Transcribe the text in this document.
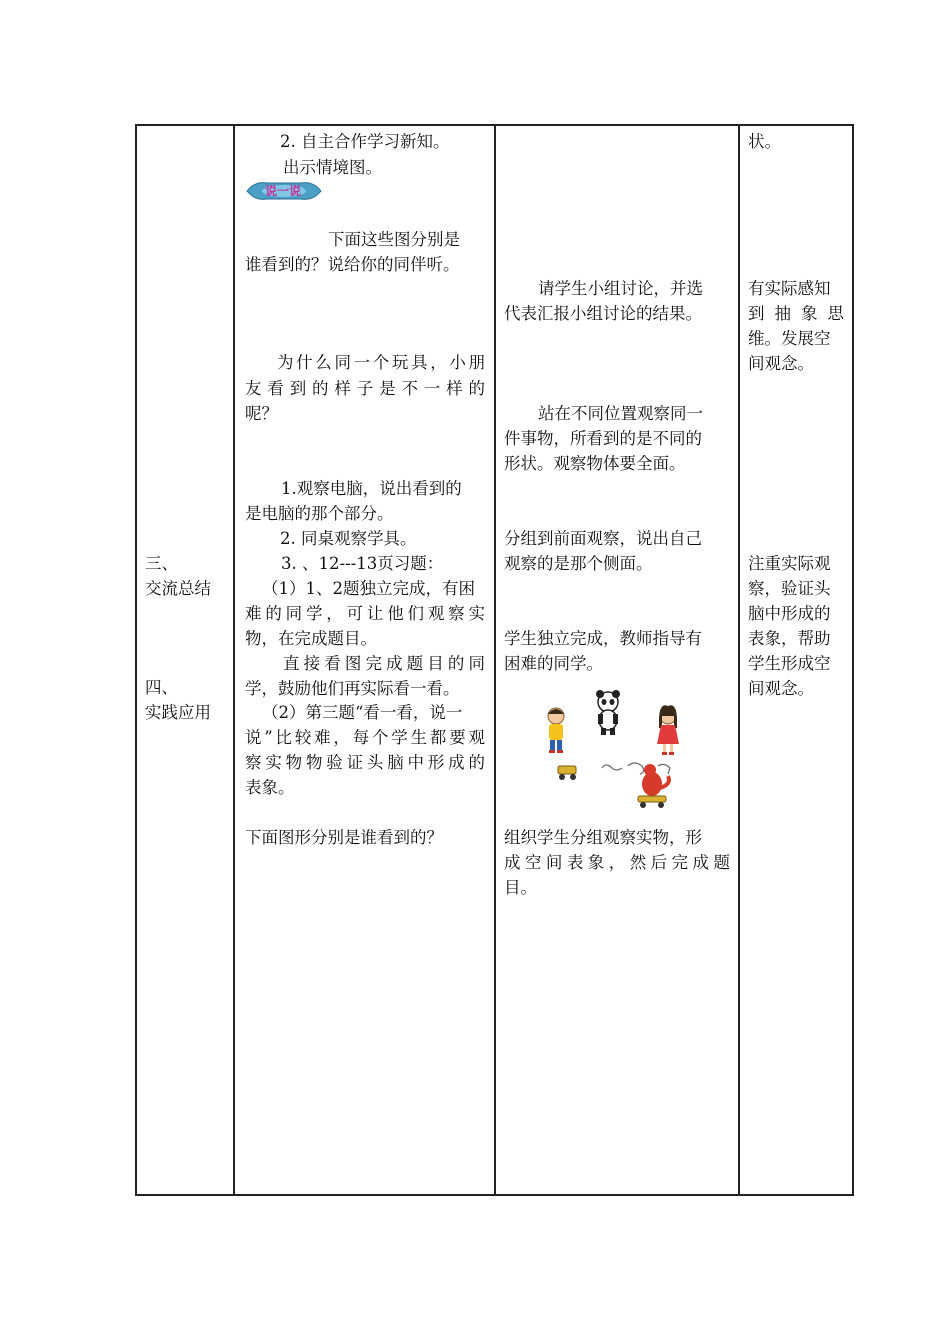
三、
交流总结
四、
实践应用
2. 自主合作学习新知。
出示情境图。
说一说
下面这些图分别是
谁看到的？说给你的同伴听。
为什么同一个玩具，小朋
友看到的样子是不一样的
呢？
1.观察电脑，说出看到的
是电脑的那个部分。
2. 同桌观察学具。
3. 、12---13页习题：
（1）1、2题独立完成，有困
难的同学，可让他们观察实
物，在完成题目。
直接看图完成题目的同
学，鼓励他们再实际看一看。
（2）第三题“看一看，说一
说”比较难，每个学生都要观
察实物物验证头脑中形成的
表象。
下面图形分别是谁看到的？
请学生小组讨论，并选
代表汇报小组讨论的结果。
站在不同位置观察同一
件事物，所看到的是不同的
形状。观察物体要全面。
分组到前面观察，说出自己
观察的是那个侧面。
学生独立完成，教师指导有
困难的同学。
组织学生分组观察实物，形
成空间表象，然后完成题
目。
状。
有实际感知
到抽象思
维。发展空
间观念。
注重实际观
察，验证头
脑中形成的
表象，帮助
学生形成空
间观念。
